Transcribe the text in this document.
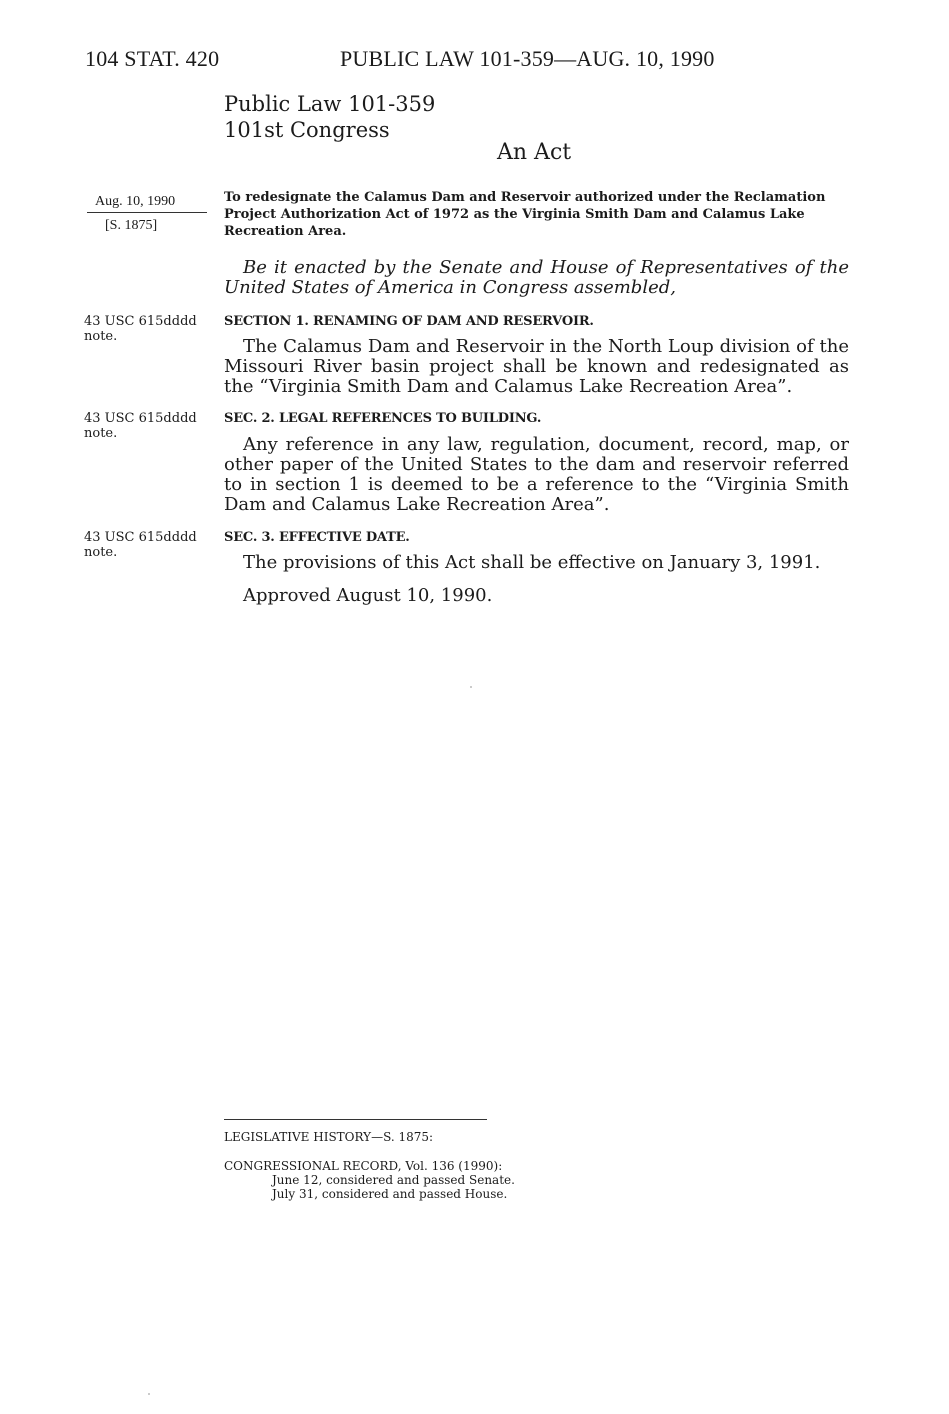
104 STAT. 420	PUBLIC LAW 101-359—AUG. 10, 1990
Public Law 101-359
101st Congress
An Act
Aug. 10, 1990
[S. 1875]

To redesignate the Calamus Dam and Reservoir authorized under the Reclamation Project Authorization Act of 1972 as the Virginia Smith Dam and Calamus Lake Recreation Area.

Be it enacted by the Senate and House of Representatives of the United States of America in Congress assembled,

43 USC 615dddd
note.
43 USC 615dddd
note.
43 USC 615dddd
note.
SECTION 1. RENAMING OF DAM AND RESERVOIR.

The Calamus Dam and Reservoir in the North Loup division of the Missouri River basin project shall be known and redesignated as the “Virginia Smith Dam and Calamus Lake Recreation Area”.

SEC. 2. LEGAL REFERENCES TO BUILDING.

Any reference in any law, regulation, document, record, map, or other paper of the United States to the dam and reservoir referred to in section 1 is deemed to be a reference to the “Virginia Smith Dam and Calamus Lake Recreation Area”.

SEC. 3. EFFECTIVE DATE.

The provisions of this Act shall be effective on January 3, 1991.

Approved August 10, 1990.
LEGISLATIVE HISTORY—S. 1875:
CONGRESSIONAL RECORD, Vol. 136 (1990):
June 12, considered and passed Senate.
July 31, considered and passed House.
